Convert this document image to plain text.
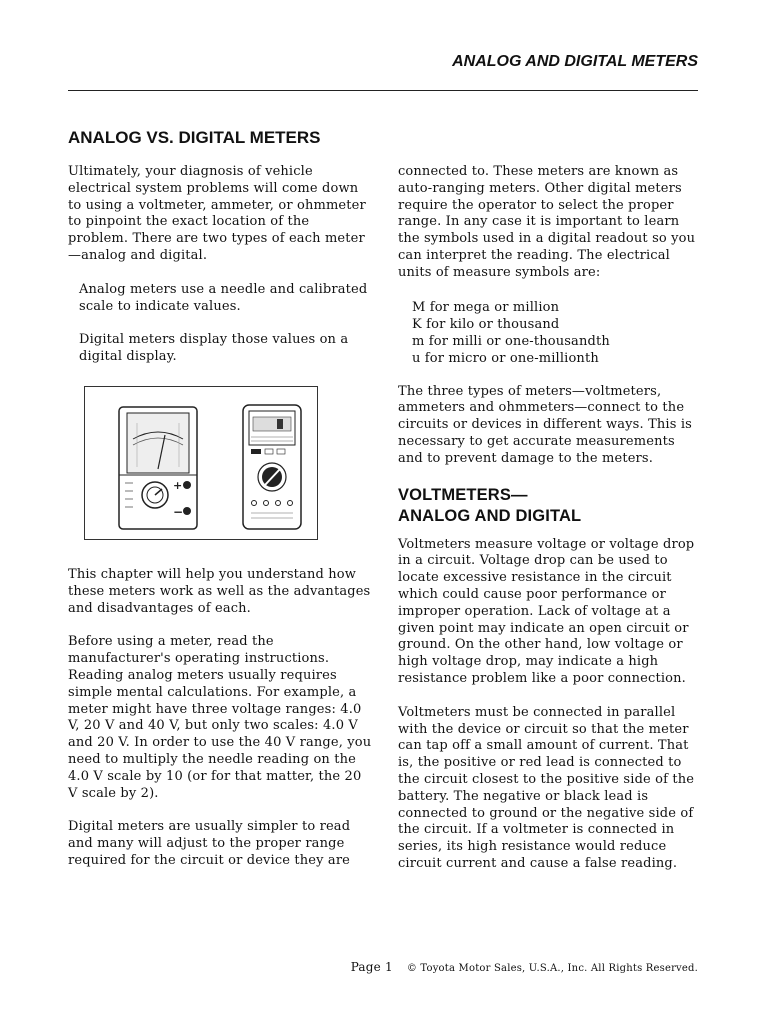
ANALOG AND DIGITAL METERS
ANALOG VS. DIGITAL METERS

Ultimately, your diagnosis of vehicle electrical system problems will come down to using a voltmeter, ammeter, or ohmmeter to pinpoint the exact location of the problem. There are two types of each meter—analog and digital.

Analog meters use a needle and calibrated scale to indicate values.

Digital meters display those values on a digital display.

+
−

This chapter will help you understand how these meters work as well as the advantages and disadvantages of each.

Before using a meter, read the manufacturer's operating instructions. Reading analog meters usually requires simple mental calculations. For example, a meter might have three voltage ranges: 4.0 V, 20 V and 40 V, but only two scales: 4.0 V and 20 V. In order to use the 40 V range, you need to multiply the needle reading on the 4.0 V scale by 10 (or for that matter, the 20 V scale by 2).

Digital meters are usually simpler to read and many will adjust to the proper range required for the circuit or device they are

connected to. These meters are known as auto-ranging meters. Other digital meters require the operator to select the proper range. In any case it is important to learn the symbols used in a digital readout so you can interpret the reading. The electrical units of measure symbols are:

M for mega or million
K for kilo or thousand
m for milli or one-thousandth
u for micro or one-millionth

The three types of meters—voltmeters, ammeters and ohmmeters—connect to the circuits or devices in different ways. This is necessary to get accurate measurements and to prevent damage to the meters.

VOLTMETERS—
ANALOG AND DIGITAL

Voltmeters measure voltage or voltage drop in a circuit. Voltage drop can be used to locate excessive resistance in the circuit which could cause poor performance or improper operation. Lack of voltage at a given point may indicate an open circuit or ground. On the other hand, low voltage or high voltage drop, may indicate a high resistance problem like a poor connection.

Voltmeters must be connected in parallel with the device or circuit so that the meter can tap off a small amount of current. That is, the positive or red lead is connected to the circuit closest to the positive side of the battery. The negative or black lead is connected to ground or the negative side of the circuit. If a voltmeter is connected in series, its high resistance would reduce circuit current and cause a false reading.

Page 1 © Toyota Motor Sales, U.S.A., Inc. All Rights Reserved.
